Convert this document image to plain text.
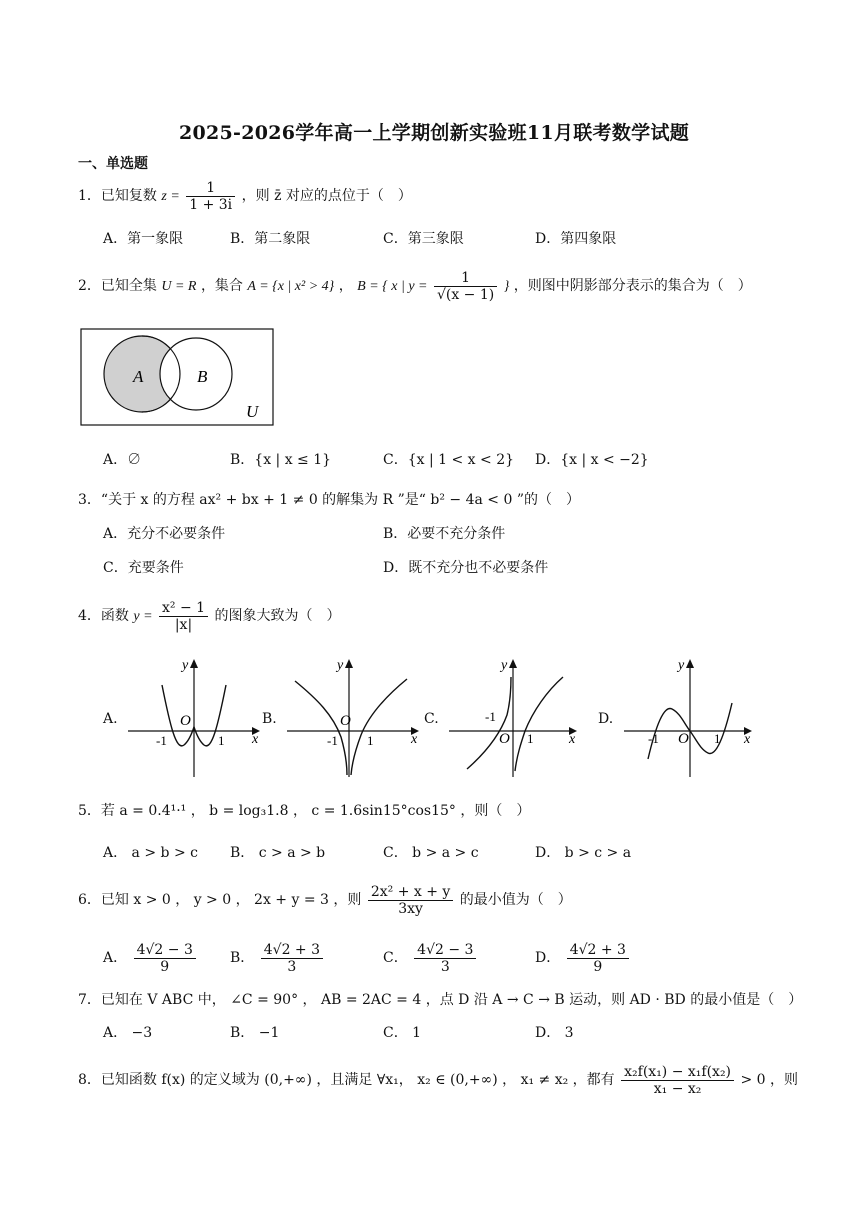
2025-2026学年高一上学期创新实验班11月联考数学试题
一、单选题
1．已知复数 $z = \frac{1}{1 + 3i}$ ，则 z̄ 对应的点位于（　）
A．第一象限	B．第二象限	C．第三象限	D．第四象限
2．已知全集 U = R ，集合 A = {x | x² > 4} ， B = { x | $y = \frac{1}{√(x - 1)}$ } ，则图中阴影部分表示的集合为（　）
A	B
U
A．∅	B．{x | x ≤ 1}	C．{x | 1 < x < 2} D．{x | x < −2}
3．“关于 x 的方程 ax² + bx + 1 ≠ 0 的解集为 R ”是“ b² − 4a < 0 ”的（　）
A．充分不必要条件	B．必要不充分条件
C．充要条件	D．既不充分也不必要条件
4．函数 $y = \frac{\text{x² − 1}}{|x|}$ 的图象大致为（　）
A.
y
x
O
-1	1
B.
y
x
O
-1 1
C.
y
x
O
-1
1
D.
y
x
O
-1	1
5．若 a = 0.4¹·¹ ， b = log₃1.8 ， c = 1.6sin15°cos15° ，则（　）
A． a > b > c B． c > a > b	C． b > a > c	D． b > c > a
6．已知 x > 0 ， y > 0 ， 2x + y = 3 ，则 $\frac{\text{2x² + x + y}}{3xy}$ 的最小值为（　）
A． $\frac{4√2 - 3}{9}$ B． $\frac{4√2 + 3}{3}$	C． $\frac{4√2 - 3}{3}$	D． $\frac{4√2 + 3}{9}$
7．已知在 V ABC 中， ∠C = 90° ， AB = 2AC = 4 ，点 D 沿 A → C → B 运动，则 AD · BD 的最小值是（　）
A． −3	B． −1	C． 1	D． 3
8．已知函数 f(x) 的定义域为 (0,+∞) ，且满足 ∀x₁， x₂ ∈ (0,+∞) ， x₁ ≠ x₂ ，都有 $\frac{\text{x₂f(x₁) − x₁f(x₂)}}{\text{x₁ − x₂}} > 0$ ，则
